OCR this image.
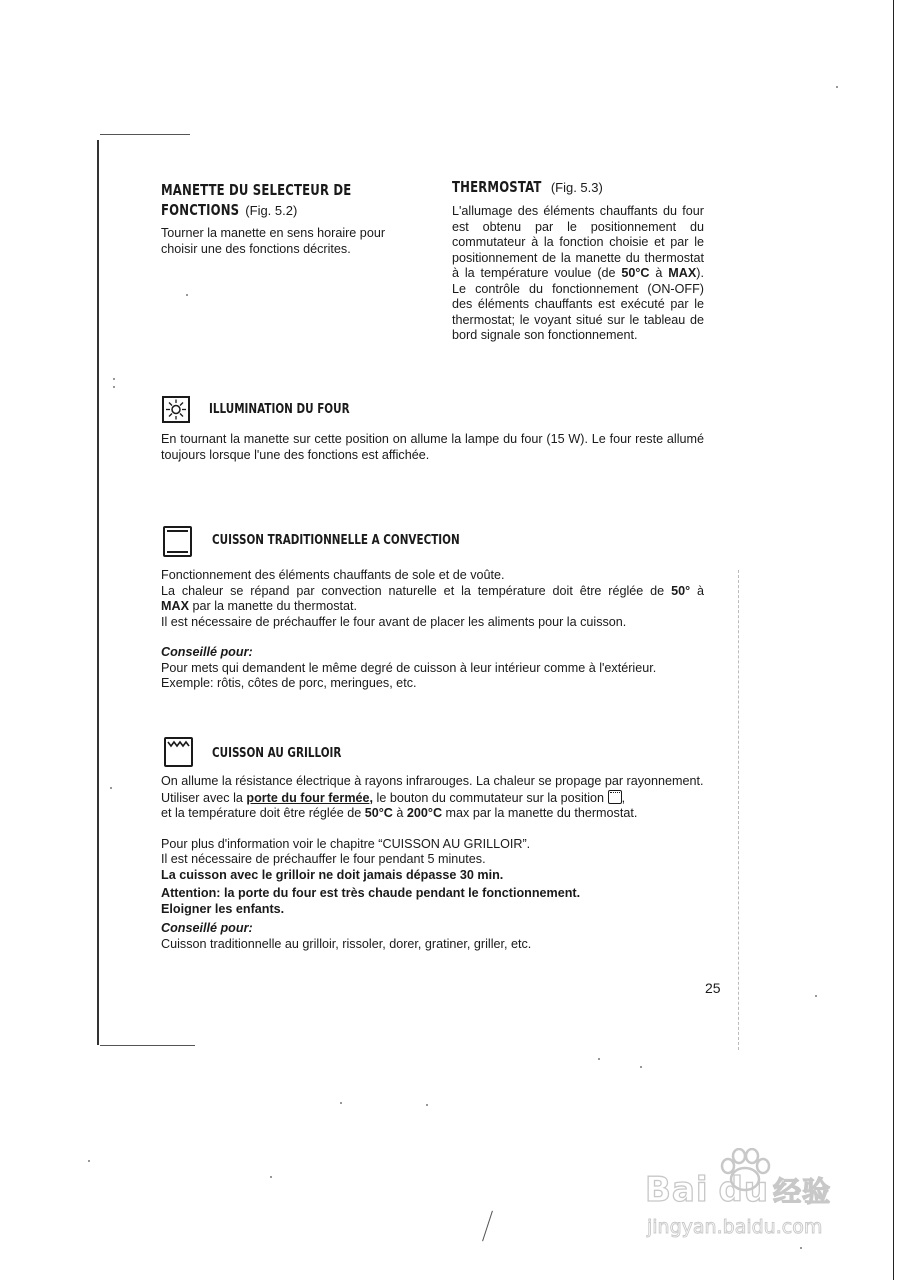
MANETTE DU SELECTEUR DE
FONCTIONS (Fig. 5.2)

Tourner la manette en sens horaire pour choisir une des fonctions décrites.

THERMOSTAT (Fig. 5.3)

L'allumage des éléments chauffants du four est obtenu par le positionnement du commutateur à la fonction choisie et par le positionnement de la manette du thermostat à la température voulue (de 50°C à MAX). Le contrôle du fonctionnement (ON-OFF) des éléments chauffants est exécuté par le thermostat; le voyant situé sur le tableau de bord signale son fonctionnement.

ILLUMINATION DU FOUR

En tournant la manette sur cette position on allume la lampe du four (15 W). Le four reste allumé toujours lorsque l'une des fonctions est affichée.

CUISSON TRADITIONNELLE A CONVECTION

Fonctionnement des éléments chauffants de sole et de voûte.

La chaleur se répand par convection naturelle et la température doit être réglée de 50° à

MAX par la manette du thermostat.

Il est nécessaire de préchauffer le four avant de placer les aliments pour la cuisson.

Conseillé pour:

Pour mets qui demandent le même degré de cuisson à leur intérieur comme à l'extérieur.

Exemple: rôtis, côtes de porc, meringues, etc.

CUISSON AU GRILLOIR

On allume la résistance électrique à rayons infrarouges. La chaleur se propage par rayonnement.

Utiliser avec la porte du four fermée, le bouton du commutateur sur la position
,

et la température doit être réglée de 50°C à 200°C max par la manette du thermostat.

Pour plus d'information voir le chapitre “CUISSON AU GRILLOIR”.

Il est nécessaire de préchauffer le four pendant 5 minutes.

La cuisson avec le grilloir ne doit jamais dépasse 30 min.

Attention: la porte du four est très chaude pendant le fonctionnement.

Eloigner les enfants.

Conseillé pour:

Cuisson traditionnelle au grilloir, rissoler, dorer, gratiner, griller, etc.

25
Bai du 经验
jingyan.baidu.com
